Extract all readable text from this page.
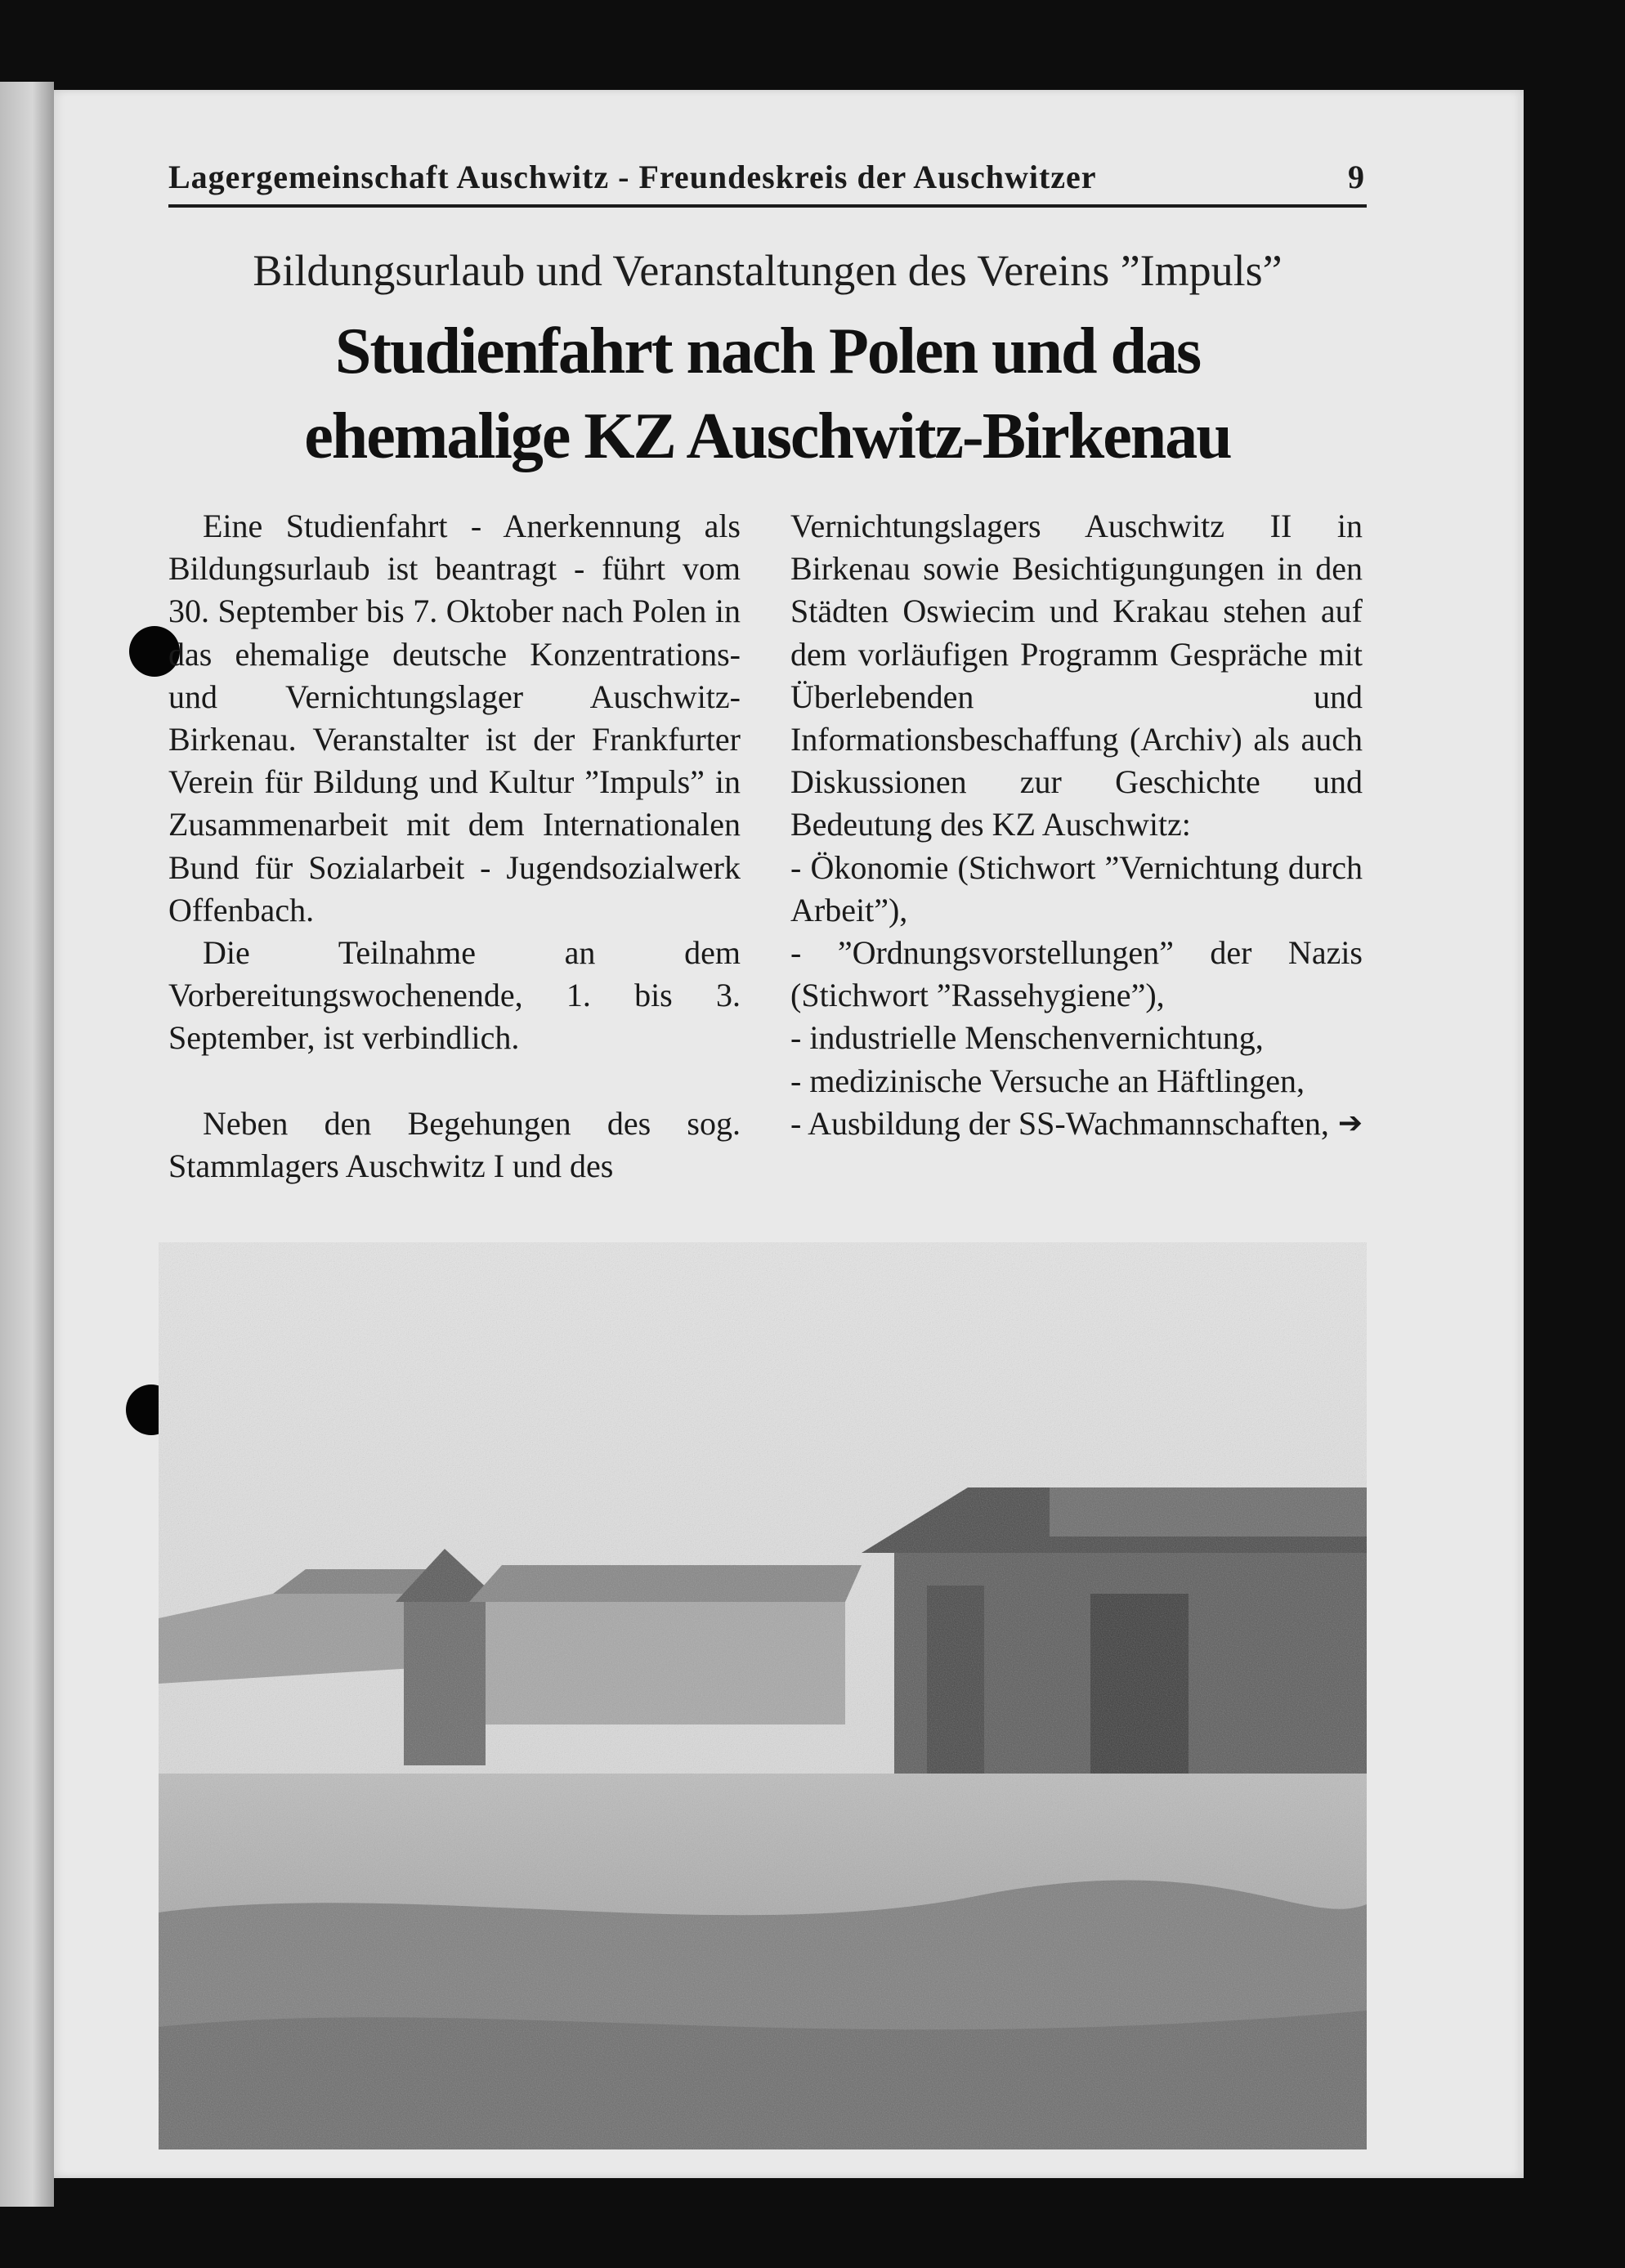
Lagergemeinschaft Auschwitz - Freundeskreis der Auschwitzer	9
Bildungsurlaub und Veranstaltungen des Vereins ”Impuls”
Studienfahrt nach Polen und das
ehemalige KZ Auschwitz-Birkenau

Eine Studienfahrt - Anerkennung als Bildungsurlaub ist beantragt - führt vom 30. September bis 7. Oktober nach Polen in das ehemalige deutsche Konzentrations- und Vernichtungslager Auschwitz-Birkenau. Veranstalter ist der Frankfurter Verein für Bildung und Kultur ”Impuls” in Zusammenarbeit mit dem Internationalen Bund für Sozialarbeit - Jugendsozialwerk Offenbach.

Die Teilnahme an dem Vorbereitungswochenende, 1. bis 3. September, ist verbindlich.

Neben den Begehungen des sog. Stammlagers Auschwitz I und des

Vernichtungslagers Auschwitz II in Birkenau sowie Besichtigungungen in den Städten Oswiecim und Krakau stehen auf dem vorläufigen Programm Gespräche mit Überlebenden und Informationsbeschaffung (Archiv) als auch Diskussionen zur Geschichte und Bedeutung des KZ Auschwitz:

- Ökonomie (Stichwort ”Vernichtung durch Arbeit”),
- ”Ordnungsvorstellungen” der Nazis (Stichwort ”Rassehygiene”),
- industrielle Menschenvernichtung,
- medizinische Versuche an Häftlingen,
- Ausbildung der SS-Wachmannschaften, ➔
